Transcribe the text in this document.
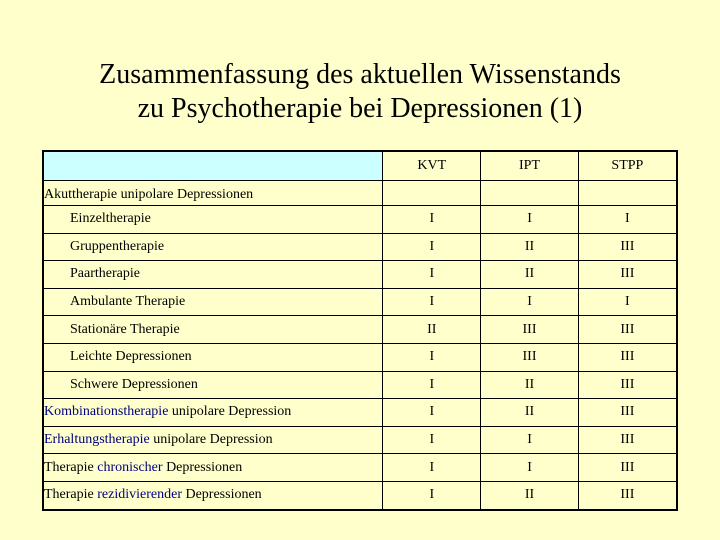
Zusammenfassung des aktuellen Wissenstands
zu Psychotherapie bei Depressionen (1)
	KVT	IPT	STPP
Akuttherapie unipolare Depressionen			
Einzeltherapie	I	I	I
Gruppentherapie	I	II	III
Paartherapie	I	II	III
Ambulante Therapie	I	I	I
Stationäre Therapie	II	III	III
Leichte Depressionen	I	III	III
Schwere Depressionen	I	II	III
Kombinationstherapie unipolare Depression	I	II	III
Erhaltungstherapie unipolare Depression	I	I	III
Therapie chronischer Depressionen	I	I	III
Therapie rezidivierender Depressionen	I	II	III
